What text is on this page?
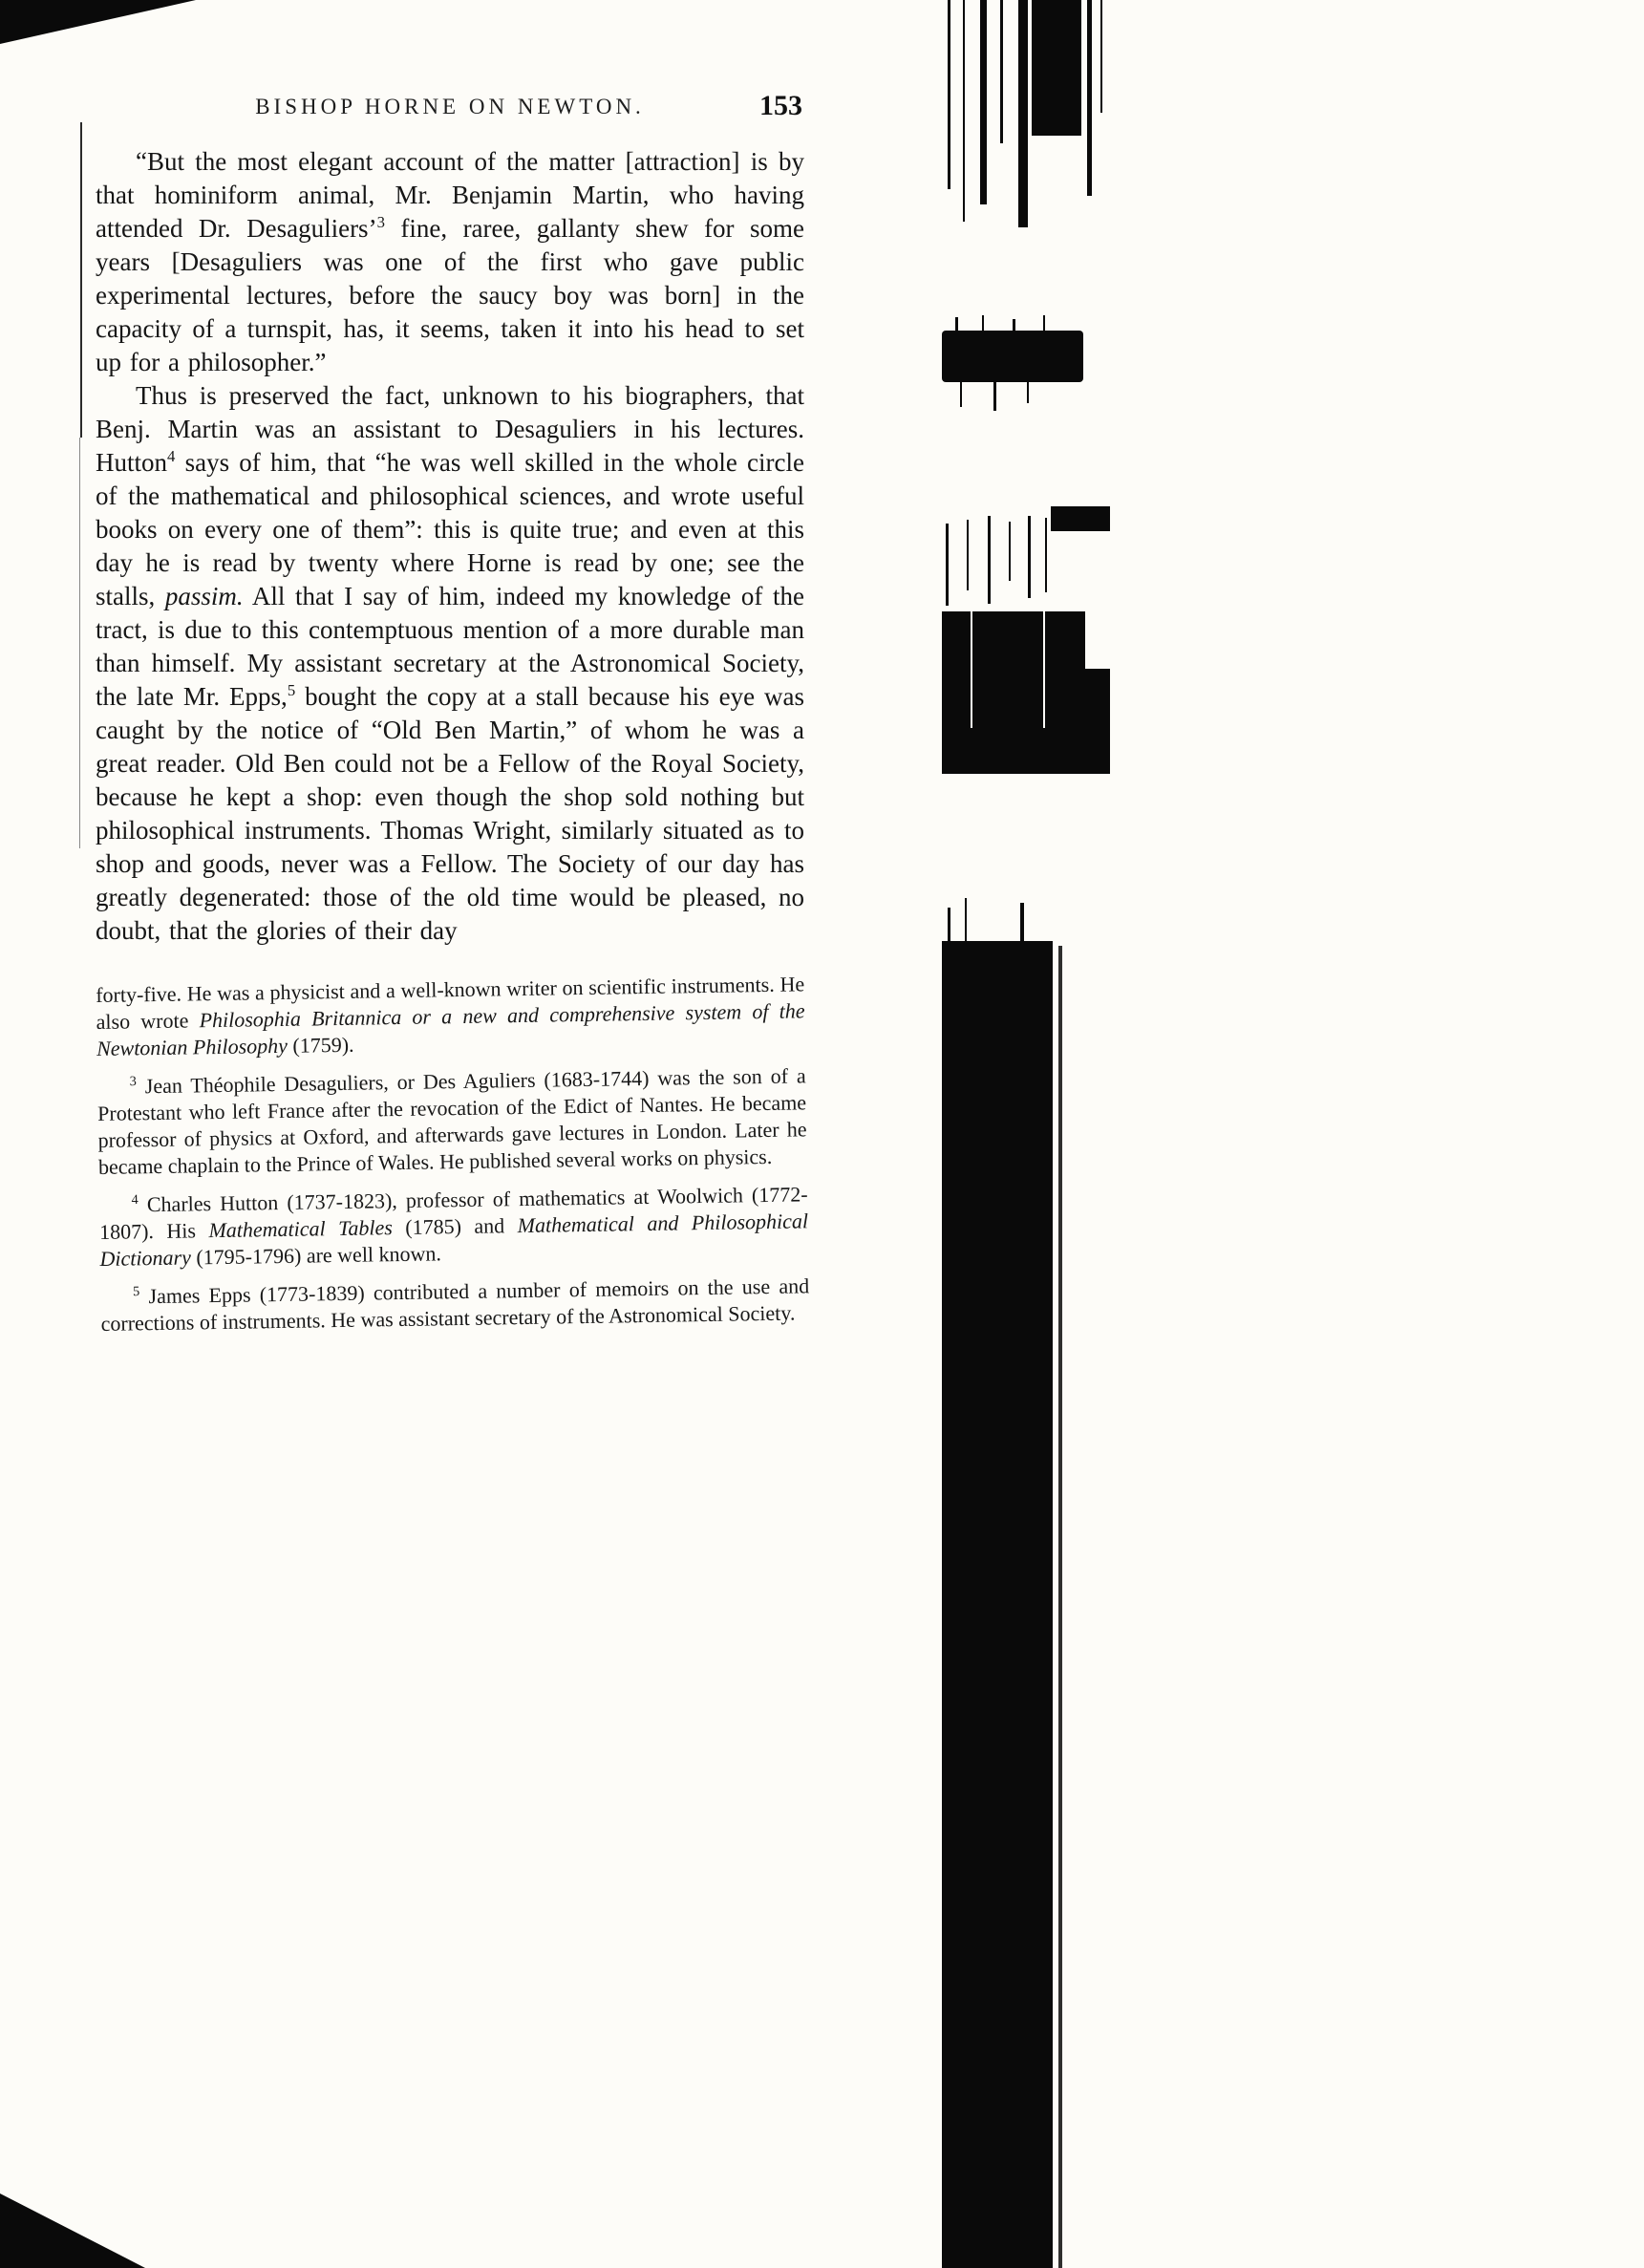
BISHOP HORNE ON NEWTON.	153

“But the most elegant account of the matter [attraction] is by that hominiform animal, Mr. Benjamin Martin, who having attended Dr. Desaguliers’$^3$ fine, raree, gallanty shew for some years [Desaguliers was one of the first who gave public experimental lectures, before the saucy boy was born] in the capacity of a turnspit, has, it seems, taken it into his head to set up for a philosopher.”

Thus is preserved the fact, unknown to his biographers, that Benj. Martin was an assistant to Desaguliers in his lectures. Hutton$^4$ says of him, that “he was well skilled in the whole circle of the mathematical and philosophical sciences, and wrote useful books on every one of them”: this is quite true; and even at this day he is read by twenty where Horne is read by one; see the stalls, passim. All that I say of him, indeed my knowledge of the tract, is due to this contemptuous mention of a more durable man than himself. My assistant secretary at the Astronomical Society, the late Mr. Epps,$^5$ bought the copy at a stall because his eye was caught by the notice of “Old Ben Martin,” of whom he was a great reader. Old Ben could not be a Fellow of the Royal Society, because he kept a shop: even though the shop sold nothing but philosophical instruments. Thomas Wright, similarly situated as to shop and goods, never was a Fellow. The Society of our day has greatly degenerated: those of the old time would be pleased, no doubt, that the glories of their day

forty-five. He was a physicist and a well-known writer on scientific instruments. He also wrote Philosophia Britannica or a new and comprehensive system of the Newtonian Philosophy (1759).

$^3$ Jean Théophile Desaguliers, or Des Aguliers (1683-1744) was the son of a Protestant who left France after the revocation of the Edict of Nantes. He became professor of physics at Oxford, and afterwards gave lectures in London. Later he became chaplain to the Prince of Wales. He published several works on physics.

$^4$ Charles Hutton (1737-1823), professor of mathematics at Woolwich (1772-1807). His Mathematical Tables (1785) and Mathematical and Philosophical Dictionary (1795-1796) are well known.

$^5$ James Epps (1773-1839) contributed a number of memoirs on the use and corrections of instruments. He was assistant secretary of the Astronomical Society.
